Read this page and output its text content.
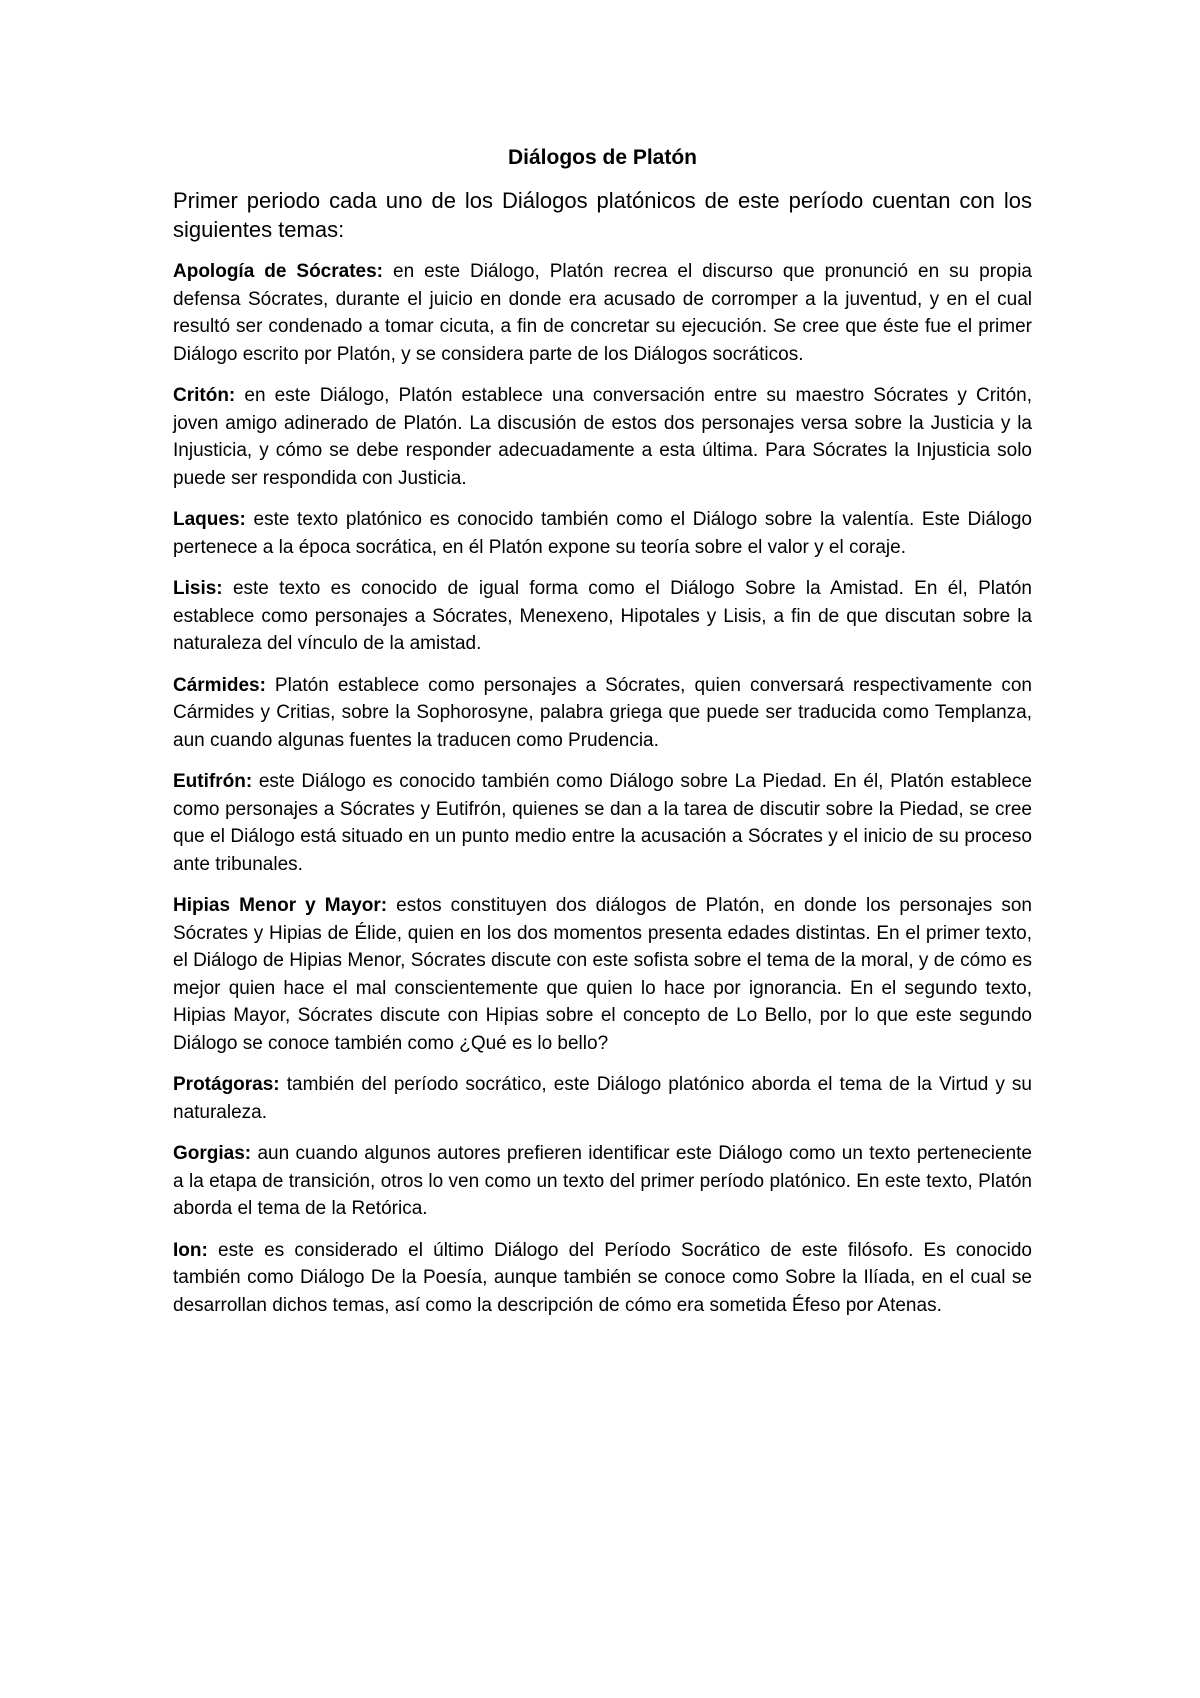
Diálogos de Platón

Primer periodo cada uno de los Diálogos platónicos de este período cuentan con los siguientes temas:

Apología de Sócrates: en este Diálogo, Platón recrea el discurso que pronunció en su propia defensa Sócrates, durante el juicio en donde era acusado de corromper a la juventud, y en el cual resultó ser condenado a tomar cicuta, a fin de concretar su ejecución. Se cree que éste fue el primer Diálogo escrito por Platón, y se considera parte de los Diálogos socráticos.

Critón: en este Diálogo, Platón establece una conversación entre su maestro Sócrates y Critón, joven amigo adinerado de Platón. La discusión de estos dos personajes versa sobre la Justicia y la Injusticia, y cómo se debe responder adecuadamente a esta última. Para Sócrates la Injusticia solo puede ser respondida con Justicia.

Laques: este texto platónico es conocido también como el Diálogo sobre la valentía. Este Diálogo pertenece a la época socrática, en él Platón expone su teoría sobre el valor y el coraje.

Lisis: este texto es conocido de igual forma como el Diálogo Sobre la Amistad. En él, Platón establece como personajes a Sócrates, Menexeno, Hipotales y Lisis, a fin de que discutan sobre la naturaleza del vínculo de la amistad.

Cármides: Platón establece como personajes a Sócrates, quien conversará respectivamente con Cármides y Critias, sobre la Sophorosyne, palabra griega que puede ser traducida como Templanza, aun cuando algunas fuentes la traducen como Prudencia.

Eutifrón: este Diálogo es conocido también como Diálogo sobre La Piedad. En él, Platón establece como personajes a Sócrates y Eutifrón, quienes se dan a la tarea de discutir sobre la Piedad, se cree que el Diálogo está situado en un punto medio entre la acusación a Sócrates y el inicio de su proceso ante tribunales.

Hipias Menor y Mayor: estos constituyen dos diálogos de Platón, en donde los personajes son Sócrates y Hipias de Élide, quien en los dos momentos presenta edades distintas. En el primer texto, el Diálogo de Hipias Menor, Sócrates discute con este sofista sobre el tema de la moral, y de cómo es mejor quien hace el mal conscientemente que quien lo hace por ignorancia. En el segundo texto, Hipias Mayor, Sócrates discute con Hipias sobre el concepto de Lo Bello, por lo que este segundo Diálogo se conoce también como ¿Qué es lo bello?

Protágoras: también del período socrático, este Diálogo platónico aborda el tema de la Virtud y su naturaleza.

Gorgias: aun cuando algunos autores prefieren identificar este Diálogo como un texto perteneciente a la etapa de transición, otros lo ven como un texto del primer período platónico. En este texto, Platón aborda el tema de la Retórica.

Ion: este es considerado el último Diálogo del Período Socrático de este filósofo. Es conocido también como Diálogo De la Poesía, aunque también se conoce como Sobre la Ilíada, en el cual se desarrollan dichos temas, así como la descripción de cómo era sometida Éfeso por Atenas.
